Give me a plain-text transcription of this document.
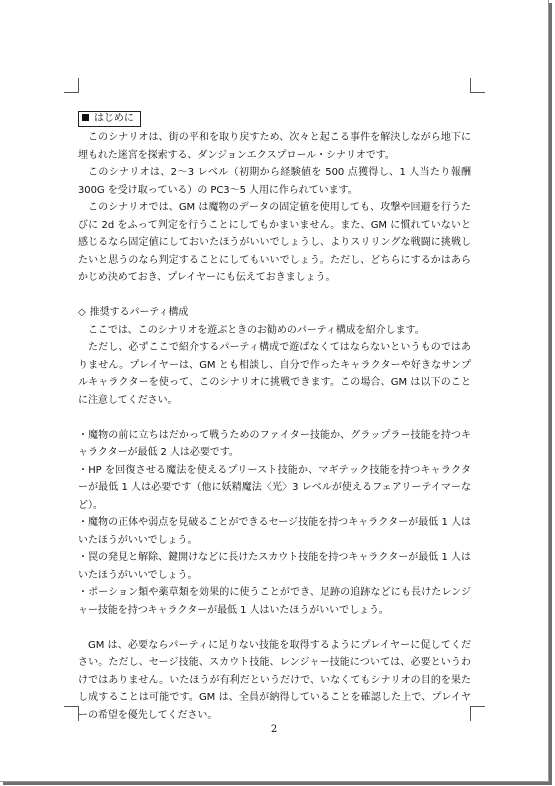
はじめに

このシナリオは、街の平和を取り戻すため、次々と起こる事件を解決しながら地下に埋もれた迷宮を探索する、ダンジョンエクスプロール・シナリオです。

このシナリオは、2～3 レベル（初期から経験値を 500 点獲得し、1 人当たり報酬 300G を受け取っている）の PC3～5 人用に作られています。

このシナリオでは、GM は魔物のデータの固定値を使用しても、攻撃や回避を行うたびに 2d をふって判定を行うことにしてもかまいません。また、GM に慣れていないと感じるなら固定値にしておいたほうがいいでしょうし、よりスリリングな戦闘に挑戦したいと思うのなら判定することにしてもいいでしょう。ただし、どちらにするかはあらかじめ決めておき、プレイヤーにも伝えておきましょう。

◇ 推奨するパーティ構成

ここでは、このシナリオを遊ぶときのお勧めのパーティ構成を紹介します。

ただし、必ずここで紹介するパーティ構成で遊ばなくてはならないというものではありません。プレイヤーは、GM とも相談し、自分で作ったキャラクターや好きなサンプルキャラクターを使って、このシナリオに挑戦できます。この場合、GM は以下のことに注意してください。

・魔物の前に立ちはだかって戦うためのファイター技能か、グラップラー技能を持つキャラクターが最低 2 人は必要です。

・HP を回復させる魔法を使えるプリースト技能か、マギテック技能を持つキャラクターが最低 1 人は必要です（他に妖精魔法〈光〉3 レベルが使えるフェアリーテイマーなど）。

・魔物の正体や弱点を見破ることができるセージ技能を持つキャラクターが最低 1 人はいたほうがいいでしょう。

・罠の発見と解除、鍵開けなどに長けたスカウト技能を持つキャラクターが最低 1 人はいたほうがいいでしょう。

・ポーション類や薬草類を効果的に使うことができ、足跡の追跡などにも長けたレンジャー技能を持つキャラクターが最低 1 人はいたほうがいいでしょう。

GM は、必要ならパーティに足りない技能を取得するようにプレイヤーに促してください。ただし、セージ技能、スカウト技能、レンジャー技能については、必要というわけではありません。いたほうが有利だというだけで、いなくてもシナリオの目的を果たし成することは可能です。GM は、全員が納得していることを確認した上で、プレイヤーの希望を優先してください。

2
